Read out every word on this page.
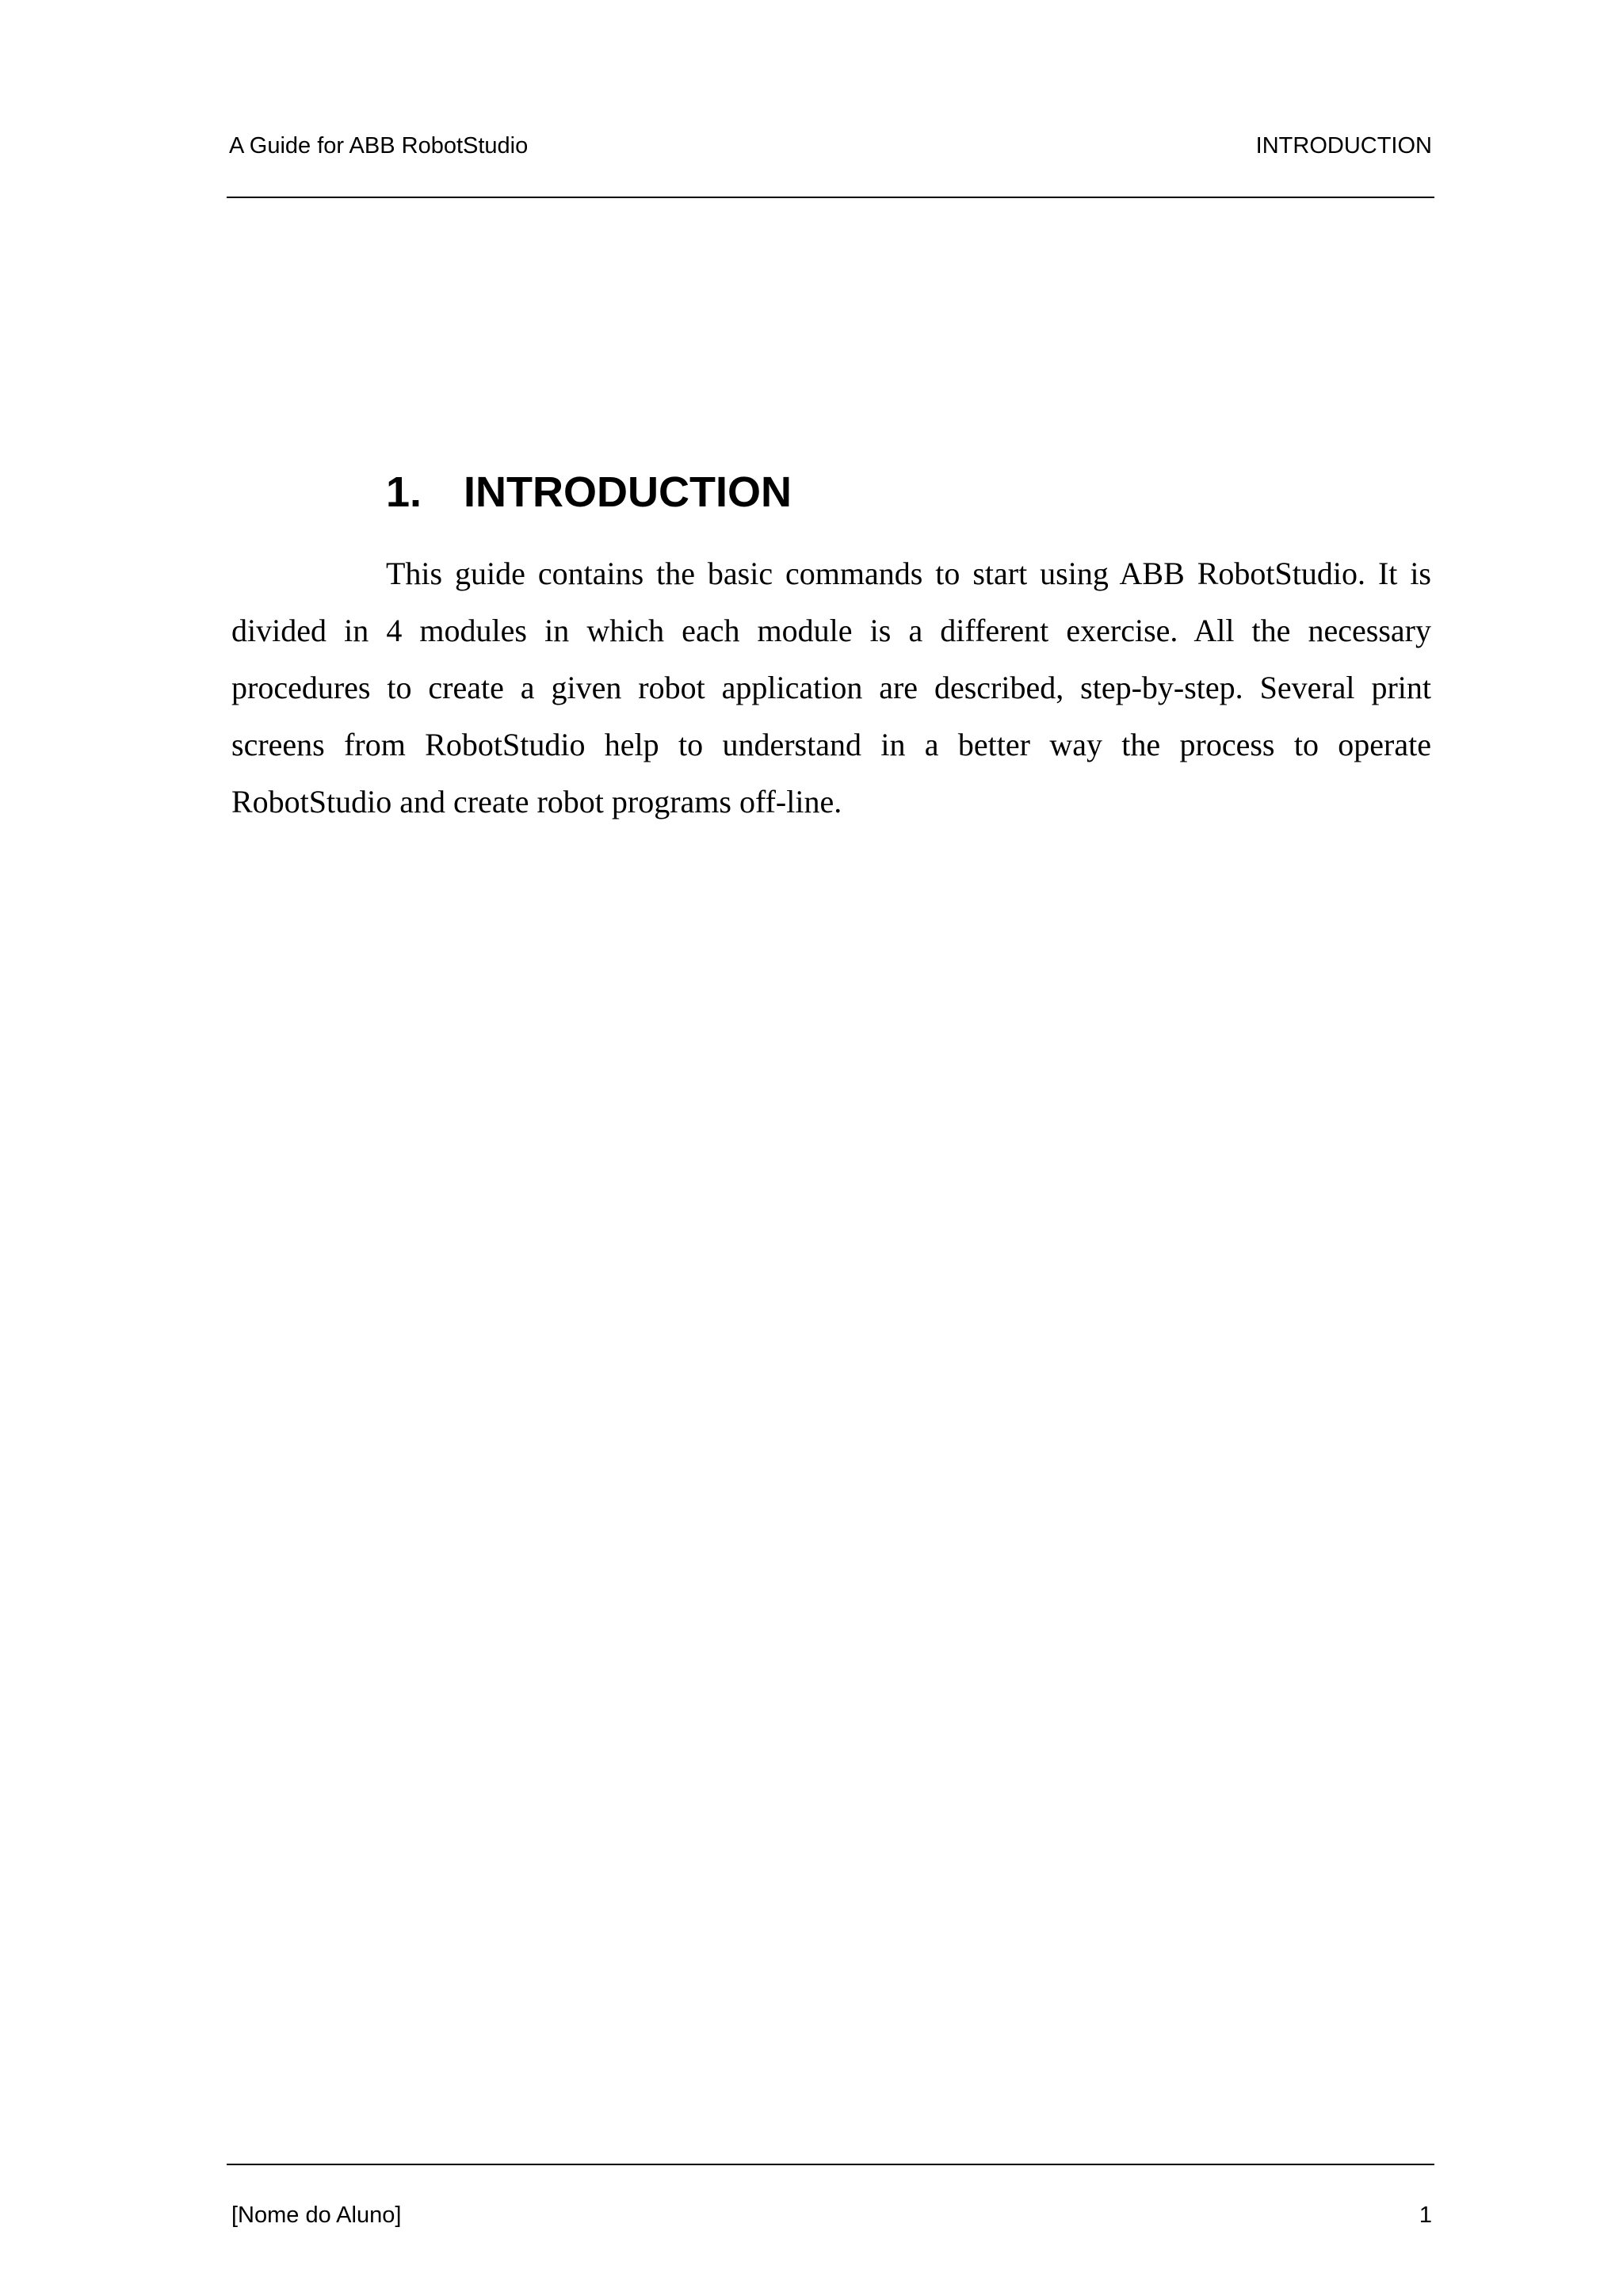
A Guide for ABB RobotStudio	INTRODUCTION
1. INTRODUCTION

This guide contains the basic commands to start using ABB RobotStudio. It is divided in 4 modules in which each module is a different exercise. All the necessary procedures to create a given robot application are described, step-by-step. Several print screens from RobotStudio help to understand in a better way the process to operate RobotStudio and create robot programs off-line.

[Nome do Aluno]	1
